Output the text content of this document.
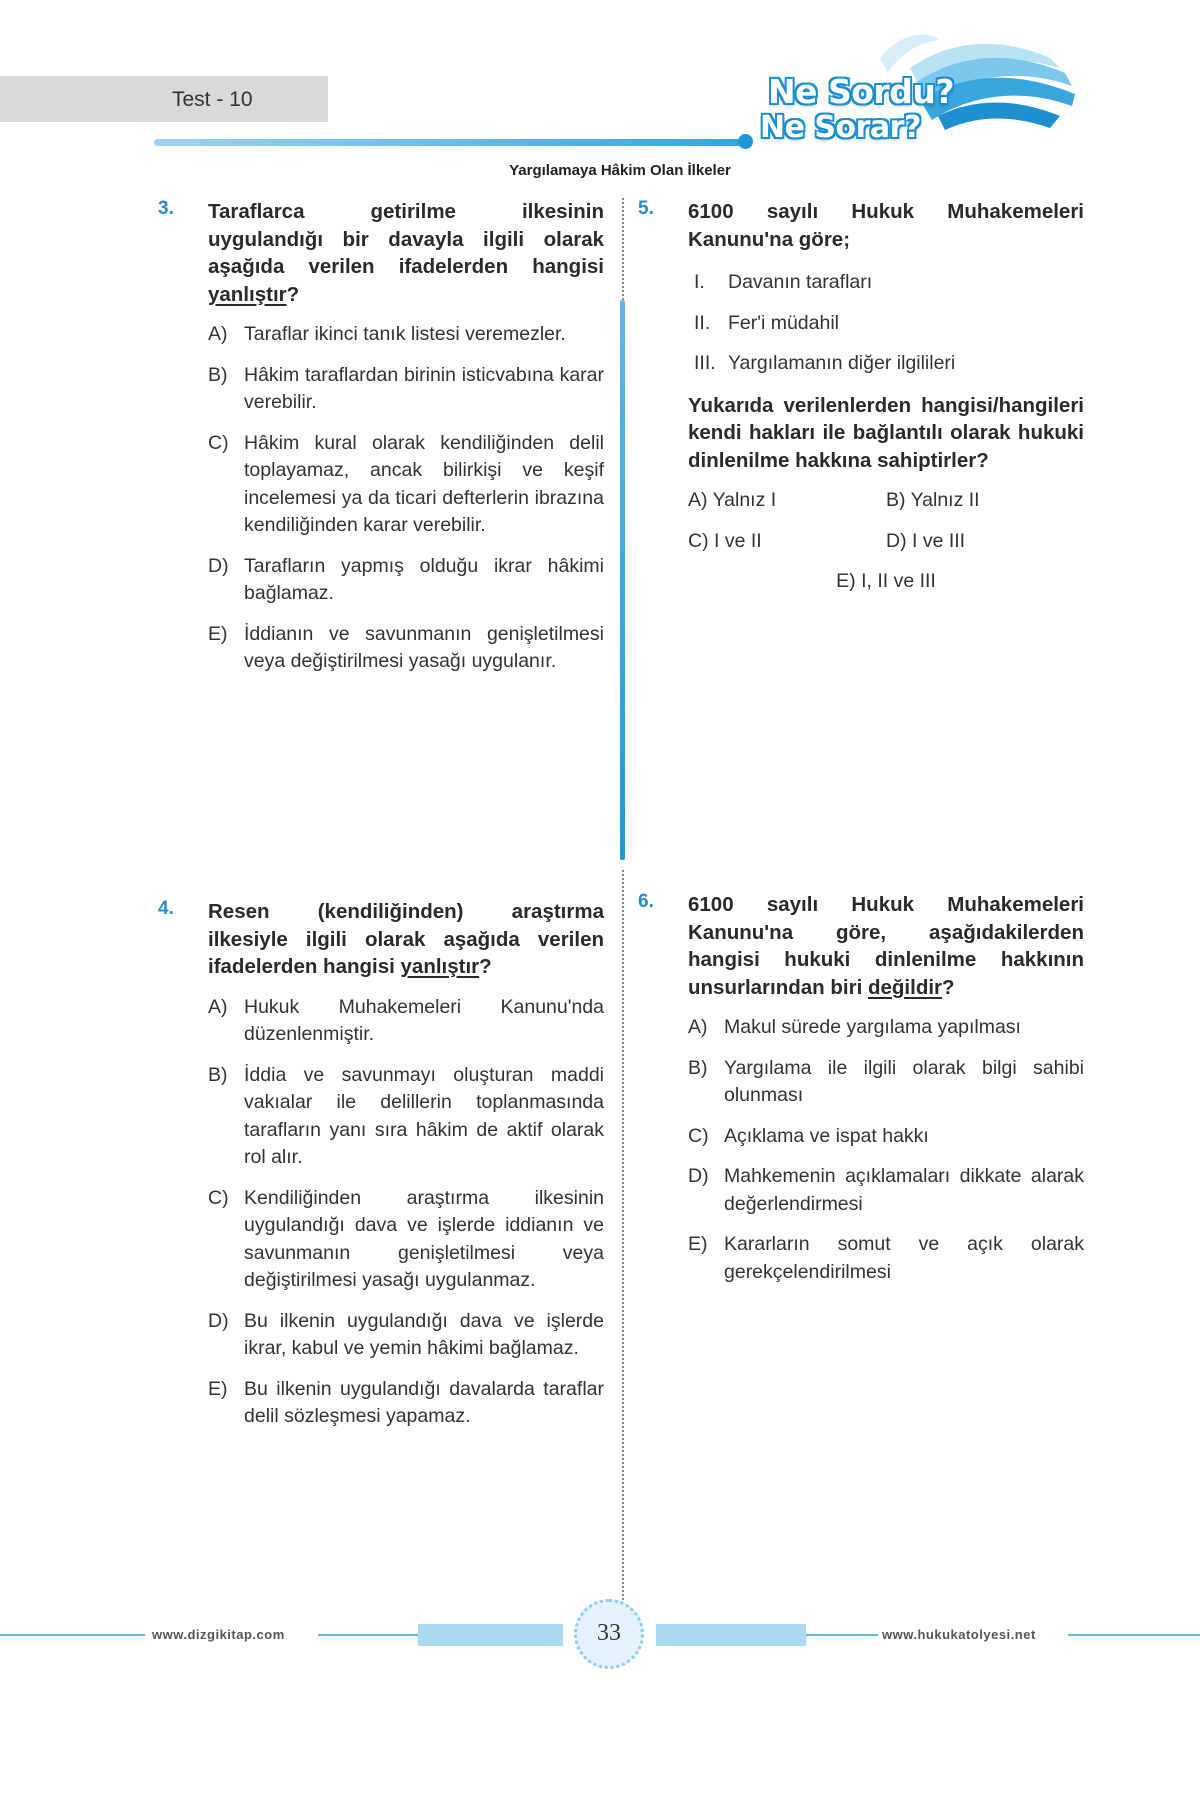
Test - 10	Ne Sordu?
Ne Sorar?
Yargılamaya Hâkim Olan İlkeler
3. Taraflarca getirilme ilkesinin uygulandığı bir davayla ilgili olarak aşağıda verilen ifadelerden hangisi yanlıştır?
A) Taraflar ikinci tanık listesi veremezler.
B) Hâkim taraflardan birinin isticvabına karar verebilir.
C) Hâkim kural olarak kendiliğinden delil toplayamaz, ancak bilirkişi ve keşif incelemesi ya da ticari defterlerin ibrazına kendiliğinden karar verebilir.
D) Tarafların yapmış olduğu ikrar hâkimi bağlamaz.
E) İddianın ve savunmanın genişletilmesi veya değiştirilmesi yasağı uygulanır.
4. Resen (kendiliğinden) araştırma ilkesiyle ilgili olarak aşağıda verilen ifadelerden hangisi yanlıştır?
A) Hukuk Muhakemeleri Kanunu'nda düzenlenmiştir.
B) İddia ve savunmayı oluşturan maddi vakıalar ile delillerin toplanmasında tarafların yanı sıra hâkim de aktif olarak rol alır.
C) Kendiliğinden araştırma ilkesinin uygulandığı dava ve işlerde iddianın ve savunmanın genişletilmesi veya değiştirilmesi yasağı uygulanmaz.
D) Bu ilkenin uygulandığı dava ve işlerde ikrar, kabul ve yemin hâkimi bağlamaz.
E) Bu ilkenin uygulandığı davalarda taraflar delil sözleşmesi yapamaz.
5. 6100 sayılı Hukuk Muhakemeleri Kanunu'na göre;
I. Davanın tarafları
II. Fer'i müdahil
III. Yargılamanın diğer ilgilileri
Yukarıda verilenlerden hangisi/hangileri kendi hakları ile bağlantılı olarak hukuki dinlenilme hakkına sahiptirler?
A) Yalnız I	B) Yalnız II
C) I ve II	D) I ve III
E) I, II ve III
6. 6100 sayılı Hukuk Muhakemeleri Kanunu'na göre, aşağıdakilerden hangisi hukuki dinlenilme hakkının unsurlarından biri değildir?
A) Makul sürede yargılama yapılması
B) Yargılama ile ilgili olarak bilgi sahibi olunması
C) Açıklama ve ispat hakkı
D) Mahkemenin açıklamaları dikkate alarak değerlendirmesi
E) Kararların somut ve açık olarak gerekçelendirilmesi
www.dizgikitap.com	33	www.hukukatolyesi.net
